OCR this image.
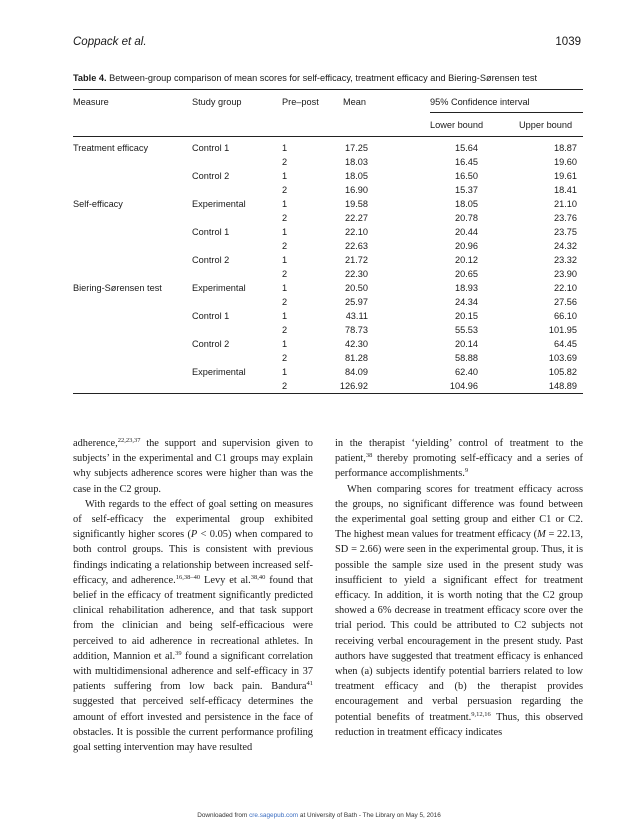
Coppack et al.	1039
Table 4. Between-group comparison of mean scores for self-efficacy, treatment efficacy and Biering-Sørensen test
Measure	Study group	Pre–post	Mean	95% Confidence interval
Lower bound	Upper bound
Treatment efficacy	Control 1	1	17.25	15.64	18.87
2	18.03	16.45	19.60
Control 2	1	18.05	16.50	19.61
2	16.90	15.37	18.41
Self-efficacy	Experimental	1	19.58	18.05	21.10
2	22.27	20.78	23.76
Control 1	1	22.10	20.44	23.75
2	22.63	20.96	24.32
Control 2	1	21.72	20.12	23.32
2	22.30	20.65	23.90
Biering-Sørensen test	Experimental	1	20.50	18.93	22.10
2	25.97	24.34	27.56
Control 1	1	43.11	20.15	66.10
2	78.73	55.53	101.95
Control 2	1	42.30	20.14	64.45
2	81.28	58.88	103.69
Experimental	1	84.09	62.40	105.82
2	126.92	104.96	148.89

adherence,$^{22,23,37}$ the support and supervision given to subjects’ in the experimental and C1 groups may explain why subjects adherence scores were higher than was the case in the C2 group.

With regards to the effect of goal setting on measures of self-efficacy the experimental group exhibited significantly higher scores (P < 0.05) when compared to both control groups. This is consistent with previous findings indicating a relationship between increased self-efficacy, and adherence.$^{16,38-40}$ Levy et al.$^{38,40}$ found that belief in the efficacy of treatment significantly predicted clinical rehabilitation adherence, and that task support from the clinician and being self-efficacious were perceived to aid adherence in recreational athletes. In addition, Mannion et al.$^{39}$ found a significant correlation with multidimensional adherence and self-efficacy in 37 patients suffering from low back pain. Bandura$^{41}$ suggested that perceived self-efficacy determines the amount of effort invested and persistence in the face of obstacles. It is possible the current performance profiling goal setting intervention may have resulted

in the therapist ‘yielding’ control of treatment to the patient,$^{38}$ thereby promoting self-efficacy and a series of performance accomplishments.$^9$

When comparing scores for treatment efficacy across the groups, no significant difference was found between the experimental goal setting group and either C1 or C2. The highest mean values for treatment efficacy (M = 22.13, SD = 2.66) were seen in the experimental group. Thus, it is possible the sample size used in the present study was insufficient to yield a significant effect for treatment efficacy. In addition, it is worth noting that the C2 group showed a 6% decrease in treatment efficacy score over the trial period. This could be attributed to C2 subjects not receiving verbal encouragement in the present study. Past authors have suggested that treatment efficacy is enhanced when (a) subjects identify potential barriers related to low treatment efficacy and (b) the therapist provides encouragement and verbal persuasion regarding the potential benefits of treatment.$^{9,12,16}$ Thus, this observed reduction in treatment efficacy indicates

Downloaded from cre.sagepub.com at University of Bath - The Library on May 5, 2016
